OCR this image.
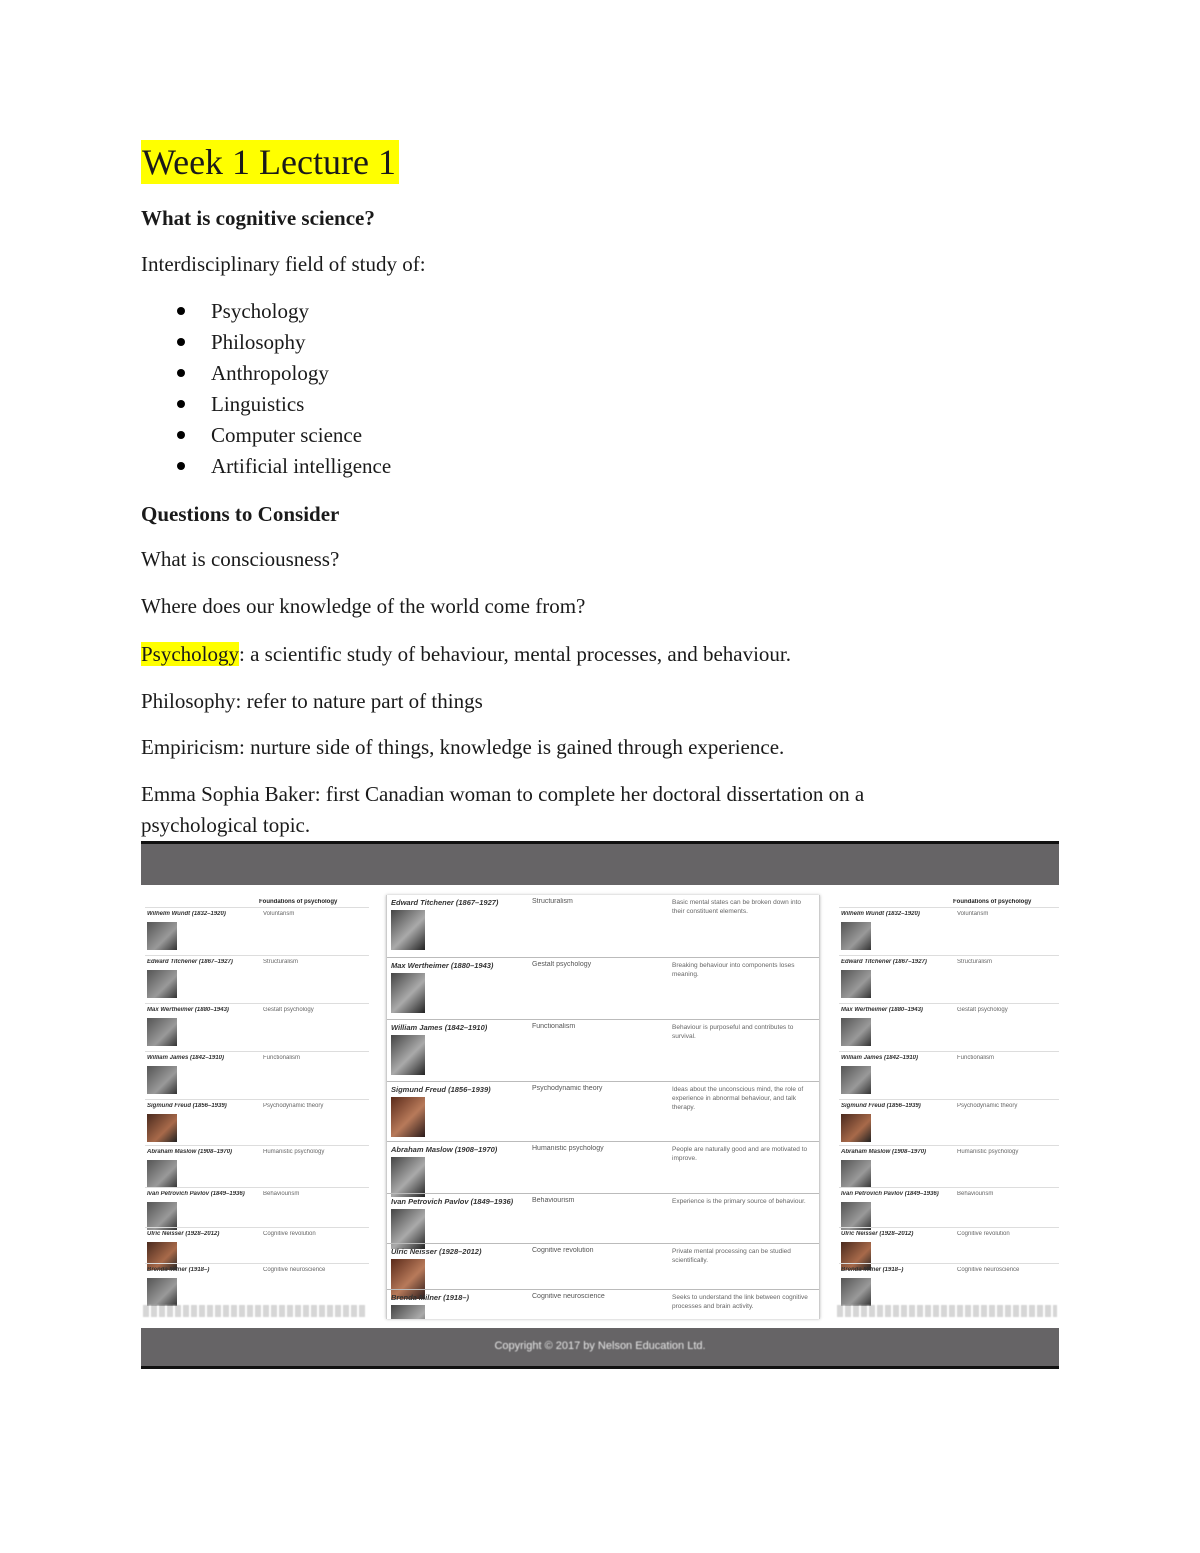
Week 1 Lecture 1
What is cognitive science?
Interdisciplinary field of study of:
Psychology
Philosophy
Anthropology
Linguistics
Computer science
Artificial intelligence
Questions to Consider
What is consciousness?
Where does our knowledge of the world come from?
Psychology: a scientific study of behaviour, mental processes, and behaviour.
Philosophy: refer to nature part of things
Empiricism: nurture side of things, knowledge is gained through experience.
Emma Sophia Baker: first Canadian woman to complete her doctoral dissertation on a psychological topic.
Foundations of psychology
Wilhelm Wundt (1832–1920)	Voluntarism
Edward Titchener (1867–1927)	Structuralism
Max Wertheimer (1880–1943)	Gestalt psychology
William James (1842–1910)	Functionalism
Sigmund Freud (1856–1939)	Psychodynamic theory
Abraham Maslow (1908–1970)	Humanistic psychology
Ivan Petrovich Pavlov (1849–1936)	Behaviourism
Ulric Neisser (1928–2012)	Cognitive revolution
Brenda Milner (1918–)	Cognitive neuroscience
Edward Titchener (1867–1927)	Structuralism	Basic mental states can be broken down into their constituent elements.
Max Wertheimer (1880–1943)	Gestalt psychology	Breaking behaviour into components loses meaning.
William James (1842–1910)	Functionalism	Behaviour is purposeful and contributes to survival.
Sigmund Freud (1856–1939)	Psychodynamic theory	Ideas about the unconscious mind, the role of experience in abnormal behaviour, and talk therapy.
Abraham Maslow (1908–1970)	Humanistic psychology	People are naturally good and are motivated to improve.
Ivan Petrovich Pavlov (1849–1936)	Behaviourism	Experience is the primary source of behaviour.
Ulric Neisser (1928–2012)	Cognitive revolution	Private mental processing can be studied scientifically.
Brenda Milner (1918–)	Cognitive neuroscience	Seeks to understand the link between cognitive processes and brain activity.
Foundations of psychology
Wilhelm Wundt (1832–1920)	Voluntarism
Edward Titchener (1867–1927)	Structuralism
Max Wertheimer (1880–1943)	Gestalt psychology
William James (1842–1910)	Functionalism
Sigmund Freud (1856–1939)	Psychodynamic theory
Abraham Maslow (1908–1970)	Humanistic psychology
Ivan Petrovich Pavlov (1849–1936)	Behaviourism
Ulric Neisser (1928–2012)	Cognitive revolution
Brenda Milner (1918–)	Cognitive neuroscience
Copyright © 2017 by Nelson Education Ltd.
